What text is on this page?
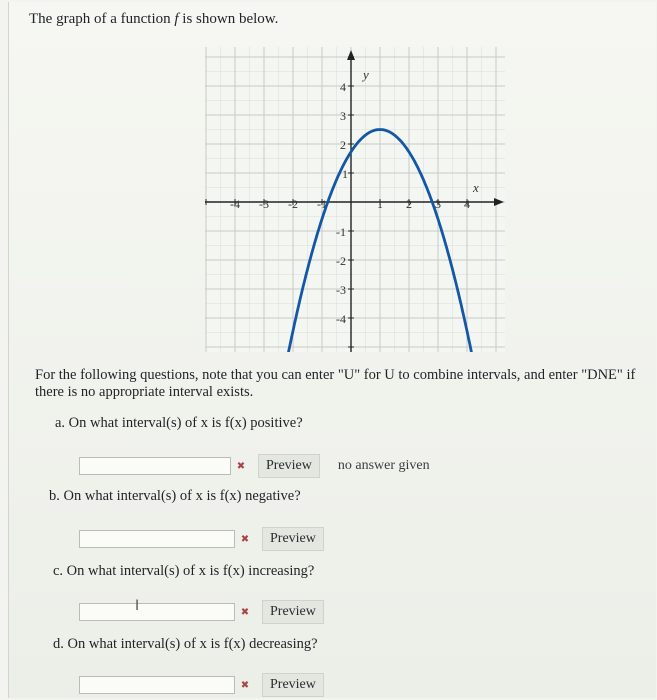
The graph of a function f is shown below.
-4 -3 -2 -1	1 2 3 4
2
3
4
-1
-2
-3
-4
1
x
y
For the following questions, note that you can enter "U" for U to combine intervals, and enter "DNE" if there is no appropriate interval exists.
a. On what interval(s) of x is f(x) positive?
✖	Preview	no answer given
b. On what interval(s) of x is f(x) negative?
✖	Preview
c. On what interval(s) of x is f(x) increasing?
I	✖	Preview
d. On what interval(s) of x is f(x) decreasing?
✖	Preview
